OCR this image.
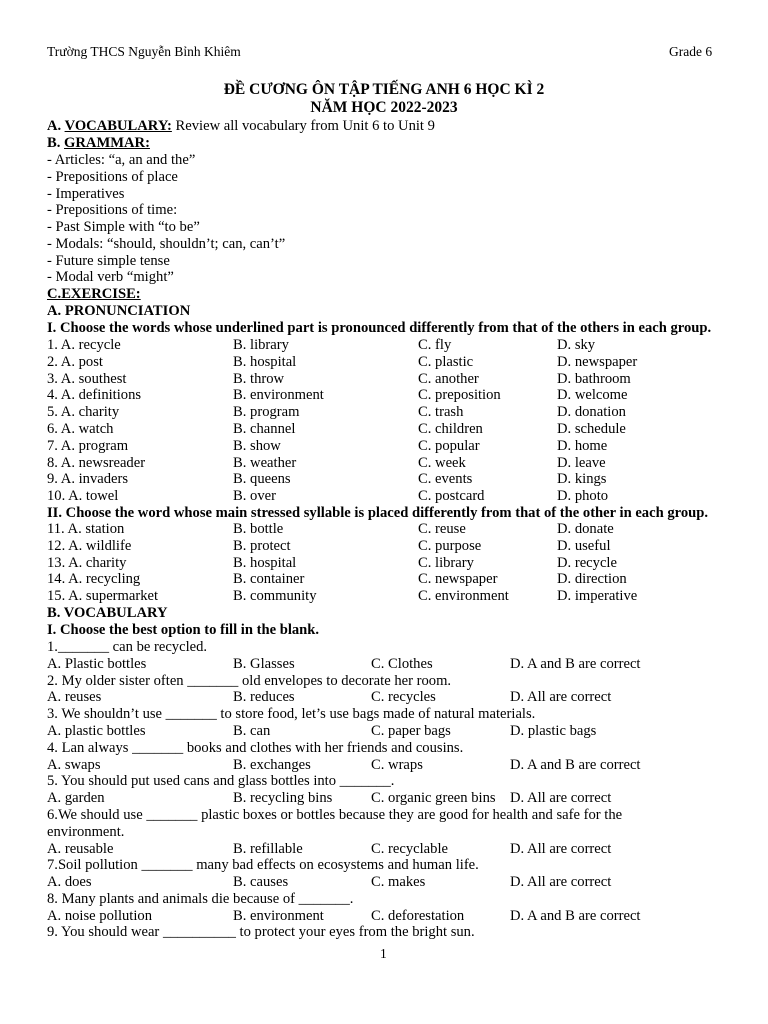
Trường THCS Nguyễn Bỉnh Khiêm	Grade 6
ĐỀ CƯƠNG ÔN TẬP TIẾNG ANH 6 HỌC KÌ 2
NĂM HỌC 2022-2023
A. VOCABULARY: Review all vocabulary from Unit 6 to Unit 9
B. GRAMMAR:
- Articles: “a, an and the”
- Prepositions of place
- Imperatives
- Prepositions of time:
- Past Simple with “to be”
- Modals: “should, shouldn’t; can, can’t”
- Future simple tense
- Modal verb “might”
C.EXERCISE:
A. PRONUNCIATION
I. Choose the words whose underlined part is pronounced differently from that of the others in each group.
1. A. recycle	B. library	C. fly	D. sky
2. A. post	B. hospital	C. plastic	D. newspaper
3. A. southest	B. throw	C. another	D. bathroom
4. A. definitions	B. environment	C. preposition	D. welcome
5. A. charity	B. program	C. trash	D. donation
6. A. watch	B. channel	C. children	D. schedule
7. A. program	B. show	C. popular	D. home
8. A. newsreader	B. weather	C. week	D. leave
9. A. invaders	B. queens	C. events	D. kings
10. A. towel	B. over	C. postcard	D. photo
II. Choose the word whose main stressed syllable is placed differently from that of the other in each group.
11. A. station	B. bottle	C. reuse	D. donate
12. A. wildlife	B. protect	C. purpose	D. useful
13. A. charity	B. hospital	C. library	D. recycle
14. A. recycling	B. container	C. newspaper	D. direction
15. A. supermarket	B. community	C. environment	D. imperative
B. VOCABULARY
I. Choose the best option to fill in the blank.
1._______ can be recycled.
A. Plastic bottles	B. Glasses	C. Clothes	D. A and B are correct
2. My older sister often _______ old envelopes to decorate her room.
A. reuses	B. reduces	C. recycles	D. All are correct
3. We shouldn’t use _______ to store food, let’s use bags made of natural materials.
A. plastic bottles	B. can	C. paper bags	D. plastic bags
4. Lan always _______ books and clothes with her friends and cousins.
A. swaps	B. exchanges	C. wraps	D. A and B are correct
5. You should put used cans and glass bottles into _______.
A. garden	B. recycling bins	C. organic green bins D. All are correct
6.We should use _______ plastic boxes or bottles because they are good for health and safe for the
environment.
A. reusable	B. refillable	C. recyclable	D. All are correct
7.Soil pollution _______ many bad effects on ecosystems and human life.
A. does	B. causes	C. makes	D. All are correct
8. Many plants and animals die because of _______.
A. noise pollution	B. environment	C. deforestation	D. A and B are correct
9. You should wear __________ to protect your eyes from the bright sun.
1
